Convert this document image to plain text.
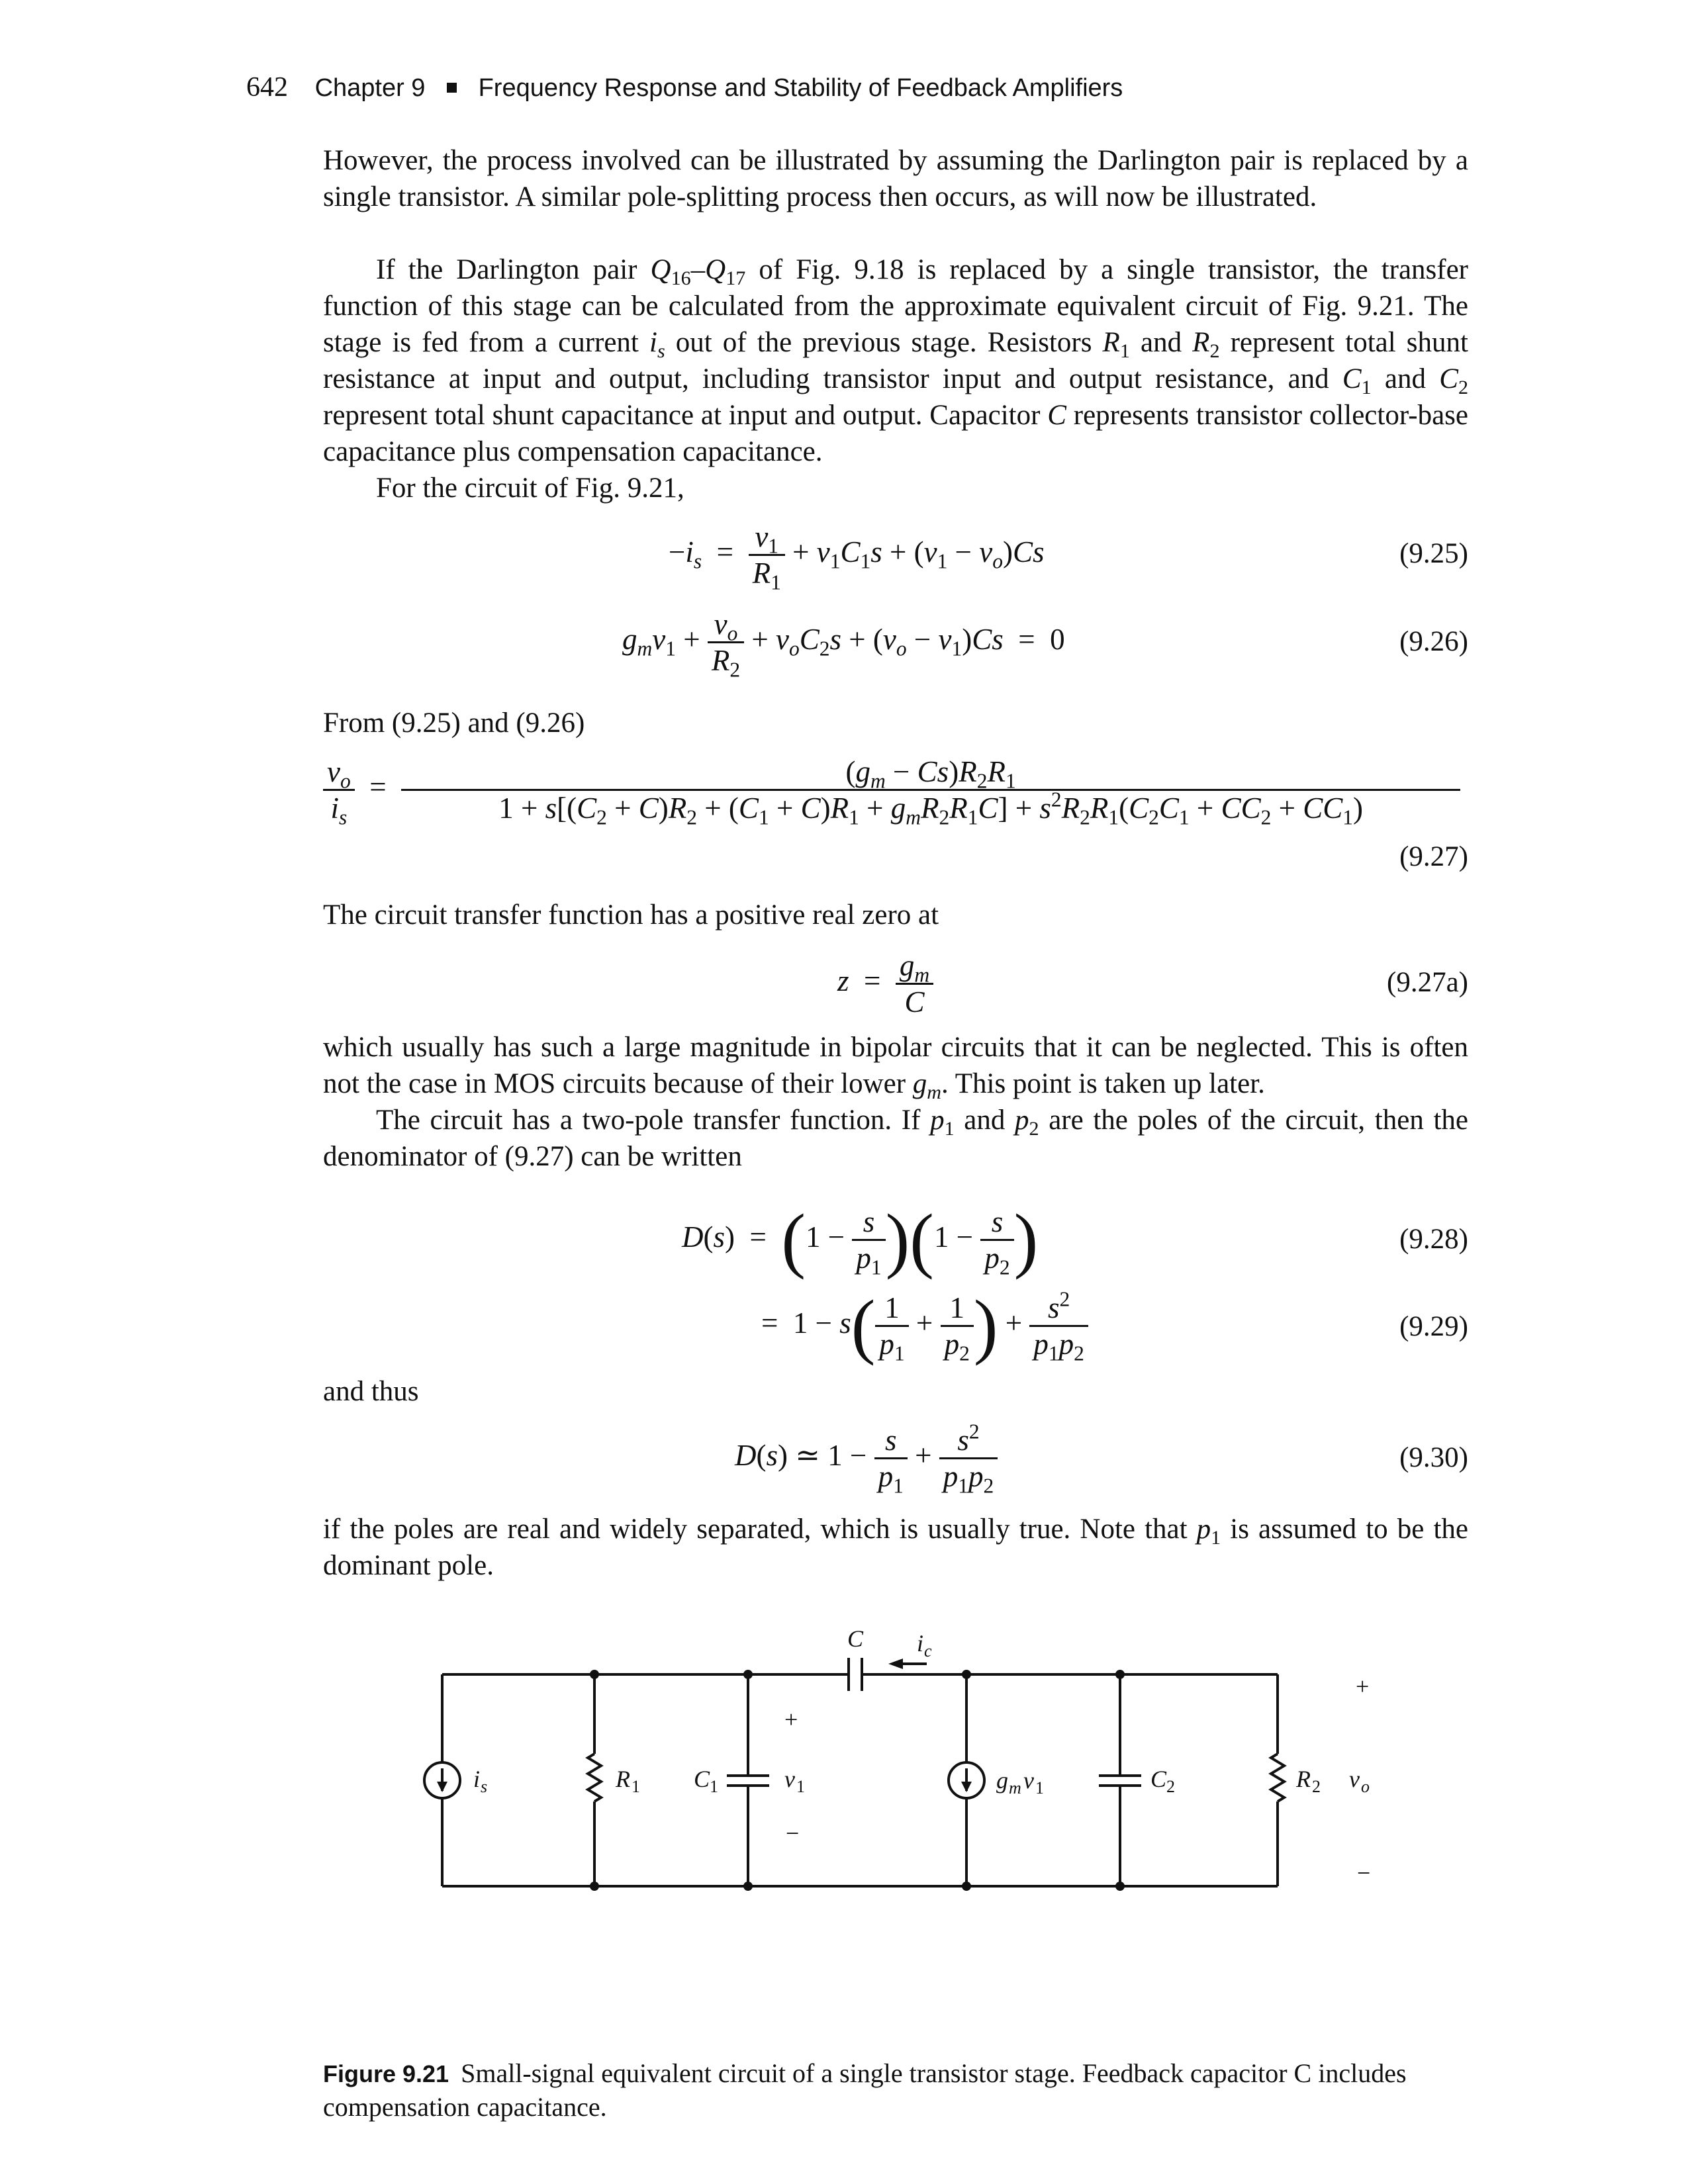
642 Chapter 9 Frequency Response and Stability of Feedback Amplifiers

However, the process involved can be illustrated by assuming the Darlington pair is replaced by a single transistor. A similar pole-splitting process then occurs, as will now be illustrated.

If the Darlington pair $Q_{16}-Q_{17}$ of Fig. 9.18 is replaced by a single transistor, the transfer function of this stage can be calculated from the approximate equivalent circuit of Fig. 9.21. The stage is fed from a current $i_s$ out of the previous stage. Resistors $R_1$ and $R_2$ represent total shunt resistance at input and output, including transistor input and output resistance, and $C_1$ and $C_2$ represent total shunt capacitance at input and output. Capacitor C represents transistor collector-base capacitance plus compensation capacitance.

For the circuit of Fig. 9.21,

$-i_s = \frac{v_1}{R_1} + v_1C_1s + (v_1 - v_o)Cs$	(9.25)
$g_mv_1 + \frac{v_o}{R_2} + v_oC_2s + (v_o - v_1)Cs = 0$	(9.26)

From (9.25) and (9.26)

$\frac{v_o}{i_s}$ =	$(g_m - Cs)R_2R_1$
$1 + s[(C_2 + C)R_2 + (C_1 + C)R_1 + g_mR_2R_1C] + s^2R_2R_1(C_2C_1 + CC_2 + CC_1)$
(9.27)

The circuit transfer function has a positive real zero at

$z = \frac{g_m}{C}$	(9.27a)

which usually has such a large magnitude in bipolar circuits that it can be neglected. This is often not the case in MOS circuits because of their lower $g_m$. This point is taken up later.

The circuit has a two-pole transfer function. If $p_1$ and $p_2$ are the poles of the circuit, then the denominator of (9.27) can be written

$D(s) = (1 - \frac{s}{p_1} )(1 - \frac{s}{p_2}$ )	(9.28)
=  $1 - s( \frac{1}{p_1} + \frac{1}{p_2}$ ) + $\frac{s^2}{p_1p_2}$	(9.29)

and thus

D(s) ≃ $1 - \frac{s}{p_1} + \frac{s^2}{p_1p_2}$	(9.30)

if the poles are real and widely separated, which is usually true. Note that $p_1$ is assumed to be the dominant pole.

C i c
i s	R 1 C 1
+
v 1
−
g m v 1	C 2	R 2
+
v o
−

Figure 9.21 Small-signal equivalent circuit of a single transistor stage. Feedback capacitor C includes compensation capacitance.
